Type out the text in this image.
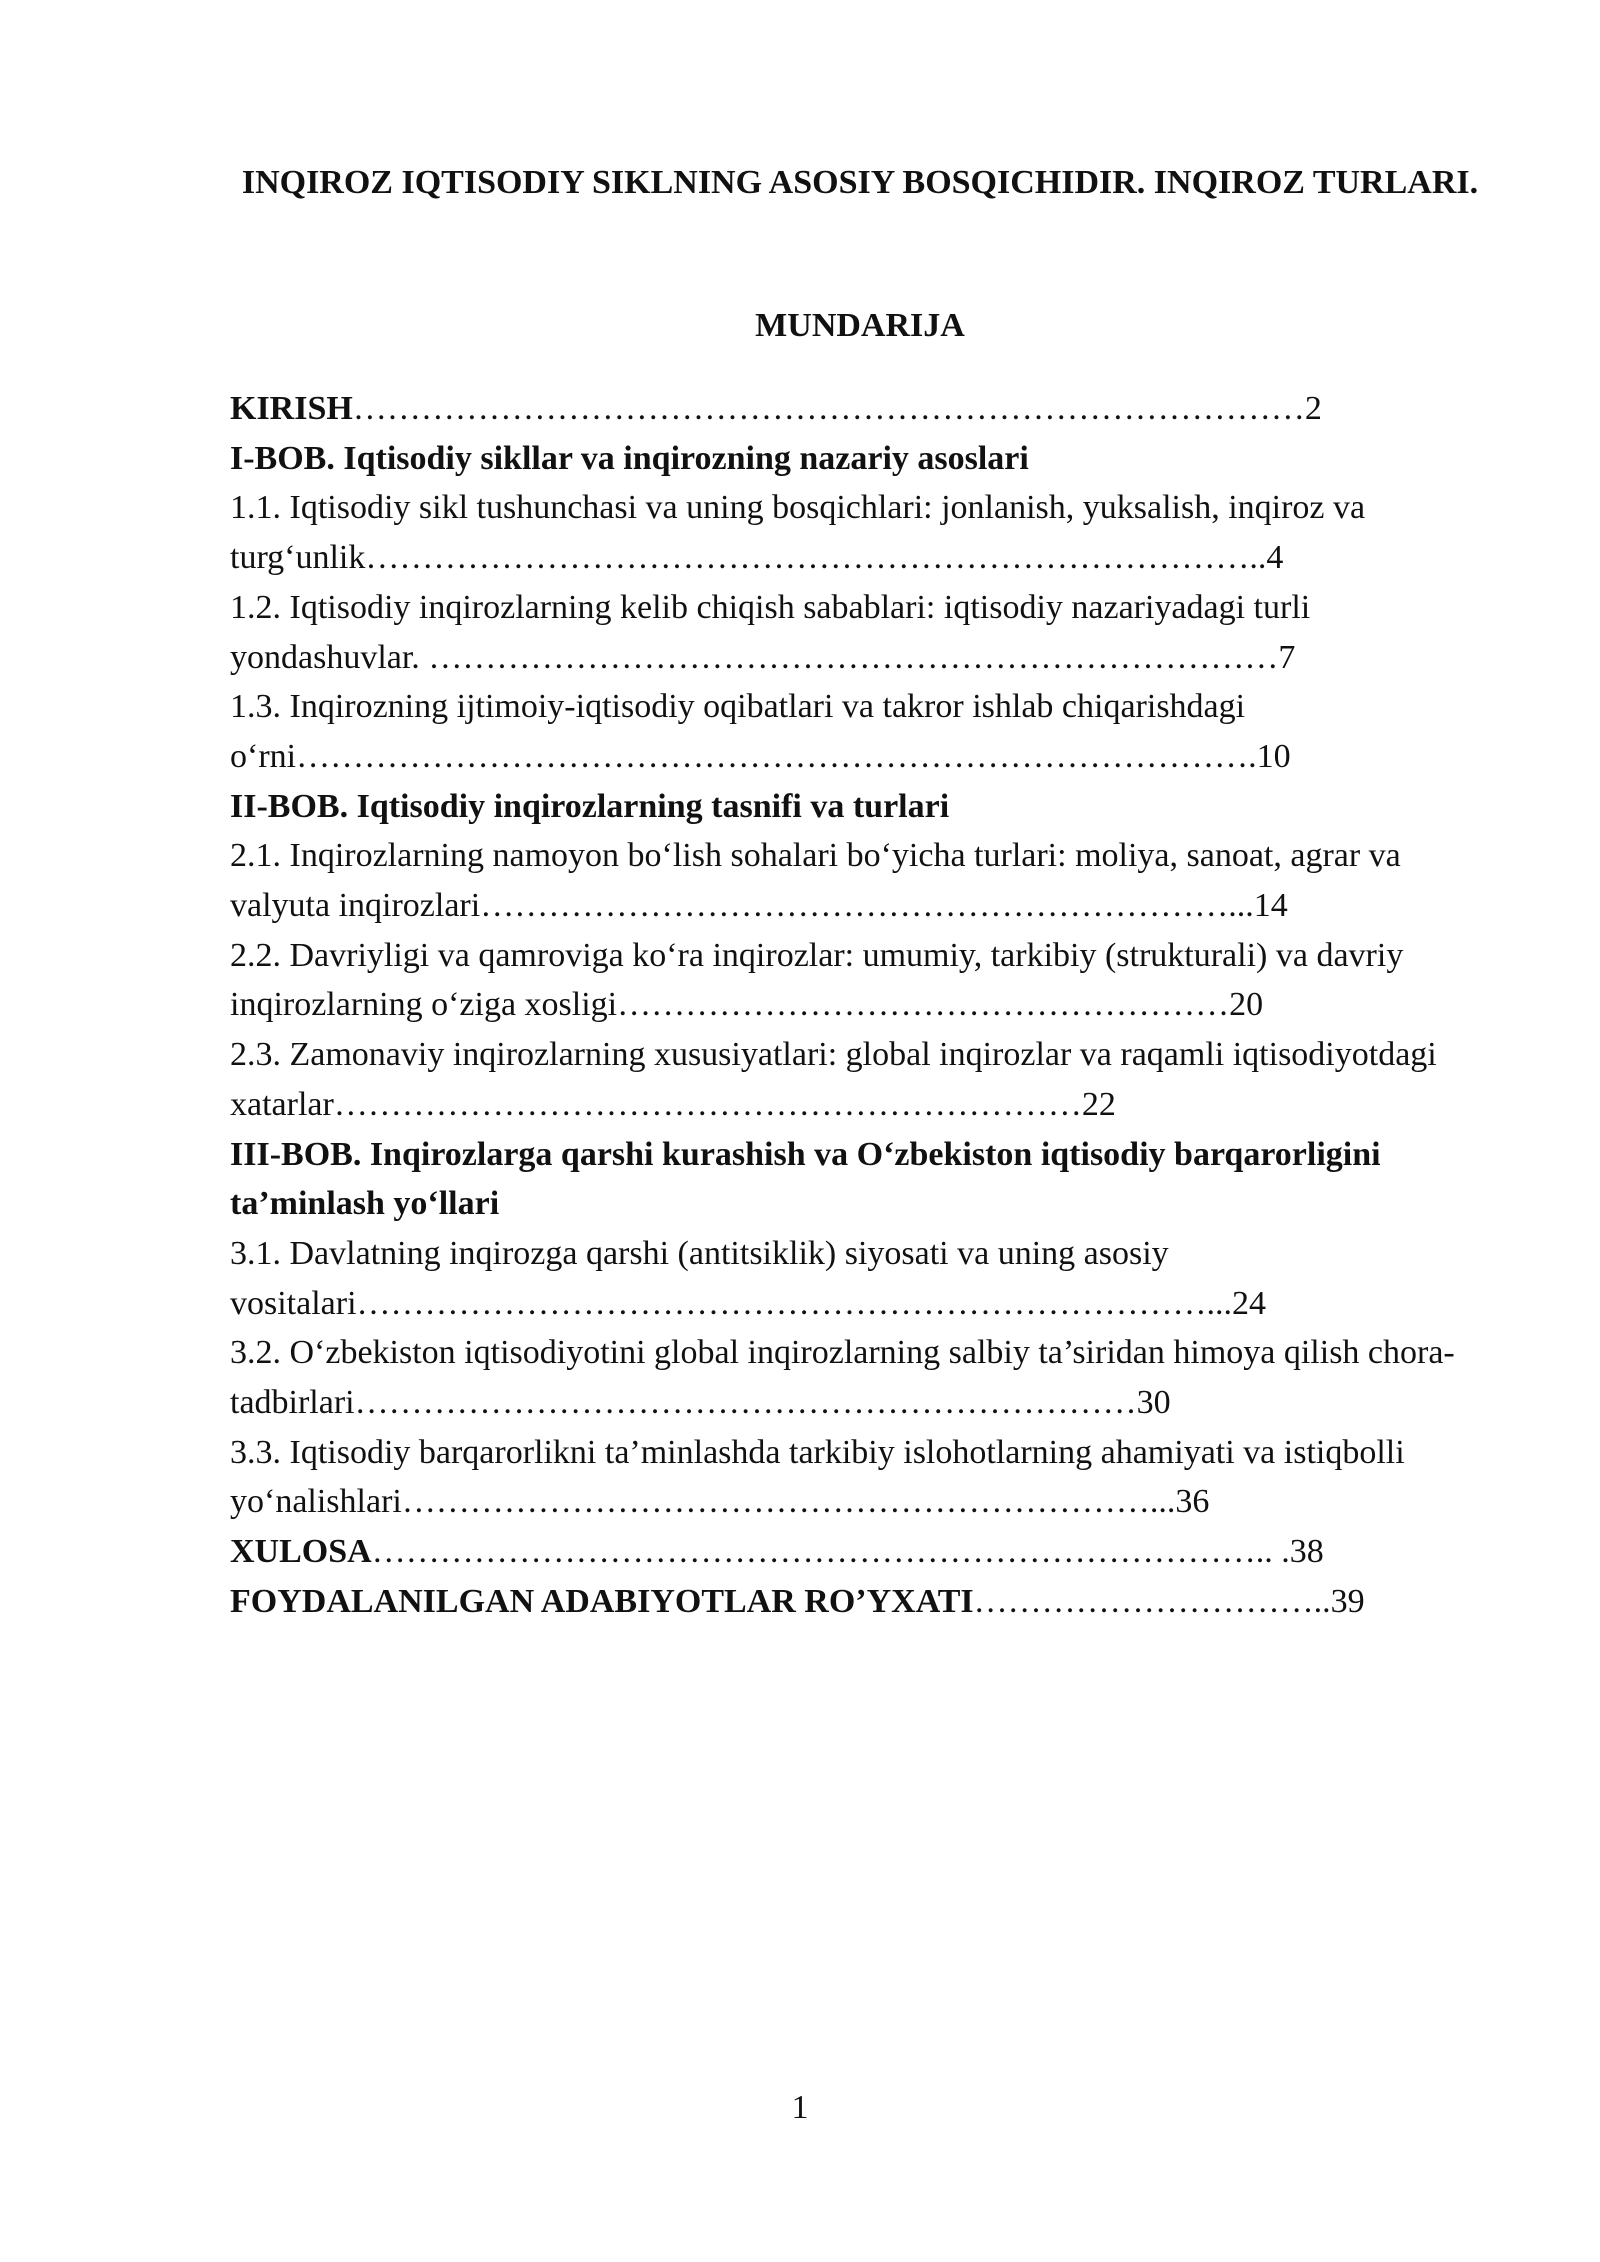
INQIROZ IQTISODIY SIKLNING ASOSIY BOSQICHIDIR. INQIROZ TURLARI.
MUNDARIJA

KIRISH…………………………………………………………………………2

I-BOB. Iqtisodiy sikllar va inqirozning nazariy asoslari

1.1. Iqtisodiy sikl tushunchasi va uning bosqichlari: jonlanish, yuksalish, inqiroz va turg‘unlik……………………………………………………………………..4

1.2. Iqtisodiy inqirozlarning kelib chiqish sabablari: iqtisodiy nazariyadagi turli yondashuvlar. …………………………………………………………………7

1.3. Inqirozning ijtimoiy-iqtisodiy oqibatlari va takror ishlab chiqarishdagi o‘rni………………………………………………………………………….10

II-BOB. Iqtisodiy inqirozlarning tasnifi va turlari

2.1. Inqirozlarning namoyon bo‘lish sohalari bo‘yicha turlari: moliya, sanoat, agrar va valyuta inqirozlari…………………………………………………………...14

2.2. Davriyligi va qamroviga ko‘ra inqirozlar: umumiy, tarkibiy (strukturali) va davriy inqirozlarning o‘ziga xosligi………………………………………………20

2.3. Zamonaviy inqirozlarning xususiyatlari: global inqirozlar va raqamli iqtisodiyotdagi xatarlar…………………………………………………………22

III-BOB. Inqirozlarga qarshi kurashish va O‘zbekiston iqtisodiy barqarorligini ta’minlash yo‘llari

3.1. Davlatning inqirozga qarshi (antitsiklik) siyosati va uning asosiy vositalari…………………………………………………………………...24

3.2. O‘zbekiston iqtisodiyotini global inqirozlarning salbiy ta’siridan himoya qilish chora-tadbirlari……………………………………………………………30

3.3. Iqtisodiy barqarorlikni ta’minlashda tarkibiy islohotlarning ahamiyati va istiqbolli yo‘nalishlari…………………………………………………………...36

XULOSA…………………………………………………………………….. .38

FOYDALANILGAN ADABIYOTLAR RO’YXATI…………………………..39

1
